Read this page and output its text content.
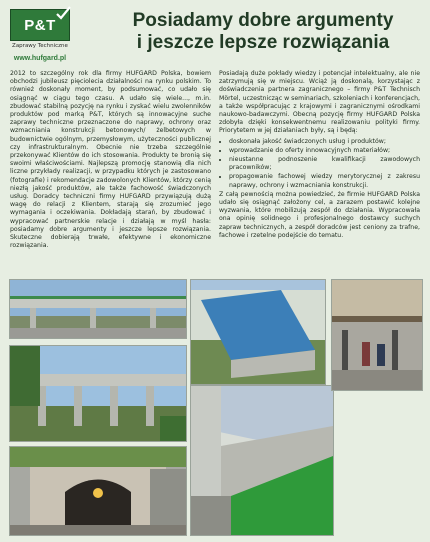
P&T
Zaprawy Techniczne
www.hufgard.pl
Posiadamy dobre argumenty
i jeszcze lepsze rozwiązania

2012 to szczególny rok dla firmy HUFGARD Polska, bowiem obchodzi jubileusz pięciolecia działalności na rynku polskim. To również doskonały moment, by podsumować, co udało się osiągnąć w ciągu tego czasu. A udało się wiele..., m.in. zbudować stabilną pozycję na rynku i zyskać wielu zwolenników produktów pod marką P&T, których są innowacyjne suche zaprawy techniczne przeznaczone do naprawy, ochrony oraz wzmacniania konstrukcji betonowych/ żelbetowych w budownictwie ogólnym, przemysłowym, użyteczności publicznej czy infrastrukturalnym. Obecnie nie trzeba szczególnie przekonywać Klientów do ich stosowania. Produkty te bronią się swoimi właściwościami. Najlepszą promocję stanowią dla nich liczne przykłady realizacji, w przypadku których je zastosowano (fotografie) i rekomendacje zadowolonych Klientów, którzy cenią niezłą jakość produktów, ale także fachowość świadczonych usług. Doradcy techniczni firmy HUFGARD przywiązują dużą wagę do relacji z Klientem, starają się zrozumieć jego wymagania i oczekiwania. Dokładają starań, by zbudować i wypracować partnerskie relacje i działają w myśl hasła: posiadamy dobre argumenty i jeszcze lepsze rozwiązania. Skuteczne dobierają trwałe, efektywne i ekonomiczne rozwiązania.

Posiadają duże pokłady wiedzy i potencjał intelektualny, ale nie zatrzymują się w miejscu. Wciąż ją doskonalą, korzystając z doświadczenia partnera zagranicznego – firmy P&T Technisch Mörtel, uczestnicząc w seminariach, szkoleniach i konferencjach, a także współpracując z krajowymi i zagranicznymi ośrodkami naukowo-badawczymi. Obecną pozycję firmy HUFGARD Polska zdobyła dzięki konsekwentnemu realizowaniu polityki firmy. Priorytetem w jej działaniach były, są i będą:

• doskonała jakość świadczonych usług i produktów;
• wprowadzanie do oferty innowacyjnych materiałów;
• nieustanne podnoszenie kwalifikacji zawodowych pracowników;
• propagowanie fachowej wiedzy merytorycznej z zakresu naprawy, ochrony i wzmacniania konstrukcji.

Z całą pewnością można powiedzieć, że firmie HUFGARD Polska udało się osiągnąć założony cel, a zarazem postawić kolejne wyzwania, które mobilizują zespół do działania. Wypracowała ona opinię solidnego i profesjonalnego dostawcy suchych zapraw technicznych, a zespół doradców jest ceniony za trafne, fachowe i rzetelne podejście do tematu.
